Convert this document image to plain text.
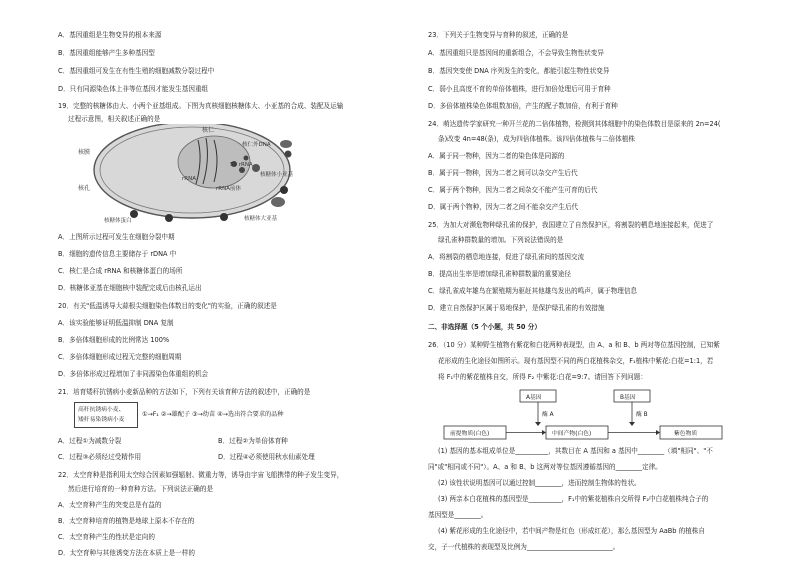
A．基因重组是生物变异的根本来源
B．基因重组能够产生多种基因型
C．基因重组可发生在有性生殖的细胞减数分裂过程中
D．只有同源染色体上非等位基因才能发生基因重组
19．完整的核糖体由大、小两个亚基组成。下图为真核细胞核糖体大、小亚基的合成、装配及运输
过程示意图，相关叙述正确的是
核仁
核膜
核孔
核仁外DNA
5S rRNA
rRNA
rRNA前体
核糖体小亚基
核糖体蛋白	核糖体大亚基
A．上图所示过程可发生在细胞分裂中期
B．细胞的遗传信息主要储存于 rDNA 中
C．核仁是合成 rRNA 和核糖体蛋白的场所
D．核糖体亚基在细胞核中装配完成后由核孔运出
20．有关"低温诱导大蒜根尖细胞染色体数目的变化"的实验，正确的叙述是
A．该实验能够证明低温抑制 DNA 复制
B．多倍体细胞形成的比例常达 100%
C．多倍体细胞形成过程无完整的细胞周期
D．多倍体形成过程增加了非同源染色体重组的机会
21．培育矮秆抗锈病小麦新品种的方法如下，下列有关该育种方法的叙述中，正确的是
高秆抗锈病小麦、
矮秆易染锈病小麦
①→F₁ ②→雄配子 ③→幼苗 ④→选出符合要求的品种
A．过程①为减数分裂	B．过程②为单倍体育种
C．过程③必须经过受精作用	D．过程④必须使用秋水仙素处理
22．太空育种是指利用太空综合因素如强辐射、微重力等，诱导由宇宙飞船携带的种子发生变异，
然后进行培育的一种育种方法。下列说法正确的是
A．太空育种产生的突变总是有益的
B．太空育种培育的植物是地球上原本不存在的
C．太空育种产生的性状是定向的
D．太空育种与其他诱变方法在本质上是一样的
23．下列关于生物变异与育种的叙述，正确的是
A．基因重组只是基因间的重新组合，不会导致生物性状变异
B．基因突变使 DNA 序列发生的变化，都能引起生物性状变异
C．弱小且高度不育的单倍体植株，进行加倍处理后可用于育种
D．多倍体植株染色体组数加倍，产生的配子数加倍，有利于育种
24．萌达遗传学家研究一种开兰花的二倍体植物，检测到其体细胞中的染色体数目是原来的 2n=24(
条)改变 4n=48(条)，成为四倍体植株。该四倍体植株与二倍体植株
A．属于同一物种，因为二者的染色体是同源的
B．属于同一物种，因为二者之间可以杂交产生后代
C．属于两个物种，因为二者之间杂交不能产生可育的后代
D．属于两个物种，因为二者之间不能杂交产生后代
25．为加大对濒危物种绿孔雀的保护，我国建立了自然保护区，将割裂的栖息地连接起来，促进了
绿孔雀种群数量的增加。下列说法错误的是
A．将割裂的栖息地连接，促进了绿孔雀间的基因交流
B．提高出生率是增加绿孔雀种群数量的重要途径
C．绿孔雀成年雄鸟在繁殖期为驱赶其他雄鸟发出的鸣声，属于物理信息
D．建立自然保护区属于易地保护，是保护绿孔雀的有效措施
二、非选择题（5 个小题，共 50 分）
26．（10 分）某种野生植物有紫花和白花两种表现型，由 A、a 和 B、b 两对等位基因控制，已知紫
花形成的生化途径如图所示。现有基因型不同的两白花植株杂交，F₁植株中紫花:白花=1:1，若
将 F₁中的紫花植株自交，所得 F₂ 中紫花:白花=9:7。请回答下列问题：
A基因	B基因
酶 A	酶 B
前提物质(白色)	中间产物(白色)	紫色物质
(1) 基因的基本组成单位是__________，其数目在 A 基因和 a 基因中________（填"相同"、"不
同"或"相同或不同"）。A、a 和 B、b 这两对等位基因遵循基因的________定律。
(2) 该性状说明基因可以通过控制________，进而控制生物体的性状。
(3) 两亲本白花植株的基因型是__________，F₁中的紫花植株自交所得 F₂中白花植株纯合子的
基因型是________。
(4) 紫花形成的生化途径中，若中间产物是红色（形成红花），那么基因型为 AaBb 的植株自
交，子一代植株的表现型及比例为__________________________。
